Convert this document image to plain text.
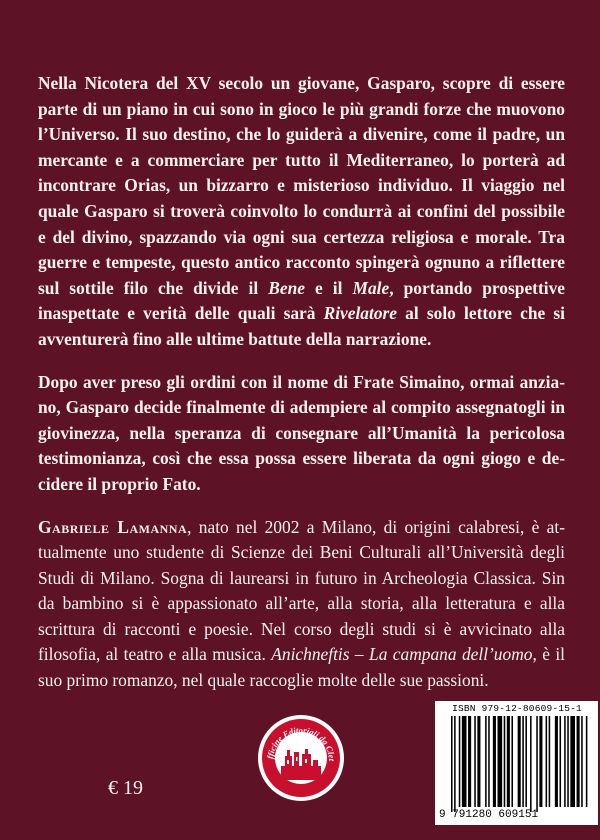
Nella Nicotera del XV secolo un giovane, Gasparo, scopre di essere parte di un piano in cui sono in gioco le più grandi forze che muovono l’Universo. Il suo destino, che lo guiderà a divenire, come il padre, un mercante e a commerciare per tutto il Mediterraneo, lo porterà ad incontrare Orias, un bizzarro e misterioso individuo. Il viaggio nel quale Gasparo si troverà coinvolto lo condurrà ai confini del possibile e del divino, spazzando via ogni sua certezza religiosa e morale. Tra guerre e tempeste, questo antico racconto spingerà ognuno a riflettere sul sottile filo che divide il Bene e il Male, portando prospettive inaspettate e verità delle quali sarà Rivelatore al solo lettore che si avventurerà fino alle ultime battute della narrazione.

Dopo aver preso gli ordini con il nome di Frate Simaino, ormai anziano, Gasparo decide finalmente di adempiere al compito assegnatogli in giovinezza, nella speranza di consegnare all’Umanità la pericolosa testimonianza, così che essa possa essere liberata da ogni giogo e decidere il proprio Fato.

Gabriele Lamanna, nato nel 2002 a Milano, di origini calabresi, è attualmente uno studente di Scienze dei Beni Culturali all’Università degli Studi di Milano. Sogna di laurearsi in futuro in Archeologia Classica. Sin da bambino si è appassionato all’arte, alla storia, alla letteratura e alla scrittura di racconti e poesie. Nel corso degli studi si è avvicinato alla filosofia, al teatro e alla musica. Anichneftis – La campana dell’uomo, è il suo primo romanzo, nel quale raccoglie molte delle sue passioni.

fficine Editoriali da Clet
€ 19
ISBN 979-12-80609-15-1
9 791280 609151
